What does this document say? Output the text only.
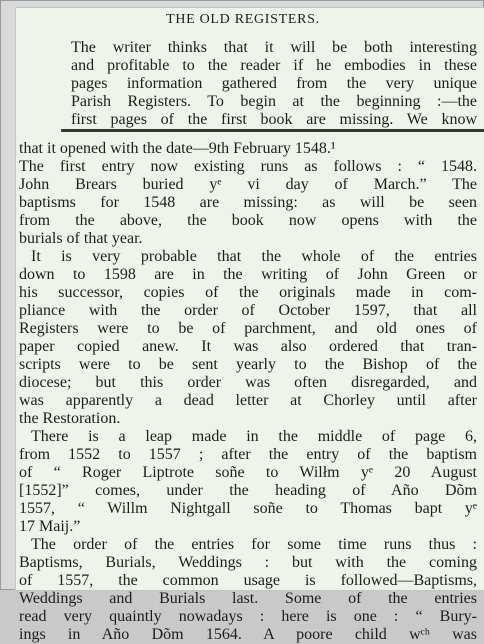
THE OLD REGISTERS.
The writer thinks that it will be both interesting
and profitable to the reader if he embodies in these
pages information gathered from the very unique
Parish Registers. To begin at the beginning :—the
first pages of the first book are missing. We know
that it opened with the date—9th February 1548.¹
The first entry now existing runs as follows : “ 1548.
John Brears buried yᵉ vi day of March.” The
baptisms for 1548 are missing: as will be seen
from the above, the book now opens with the
burials of that year.
It is very probable that the whole of the entries
down to 1598 are in the writing of John Green or
his successor, copies of the originals made in com-
pliance with the order of October 1597, that all
Registers were to be of parchment, and old ones of
paper copied anew. It was also ordered that tran-
scripts were to be sent yearly to the Bishop of the
diocese; but this order was often disregarded, and
was apparently a dead letter at Chorley until after
the Restoration.
There is a leap made in the middle of page 6,
from 1552 to 1557 ; after the entry of the baptism
of “ Roger Liptrote soñe to Wilłm yᵉ 20 August
[1552]” comes, under the heading of Año Dõm
1557, “ Willm Nightgall soñe to Thomas bapt yᵉ
17 Maij.”
The order of the entries for some time runs thus :
Baptisms, Burials, Weddings : but with the coming
of 1557, the common usage is followed—Baptisms,
Weddings and Burials last. Some of the entries
read very quaintly nowadays : here is one : “ Bury-
ings in Año Dõm 1564. A poore child wᶜʰ was
